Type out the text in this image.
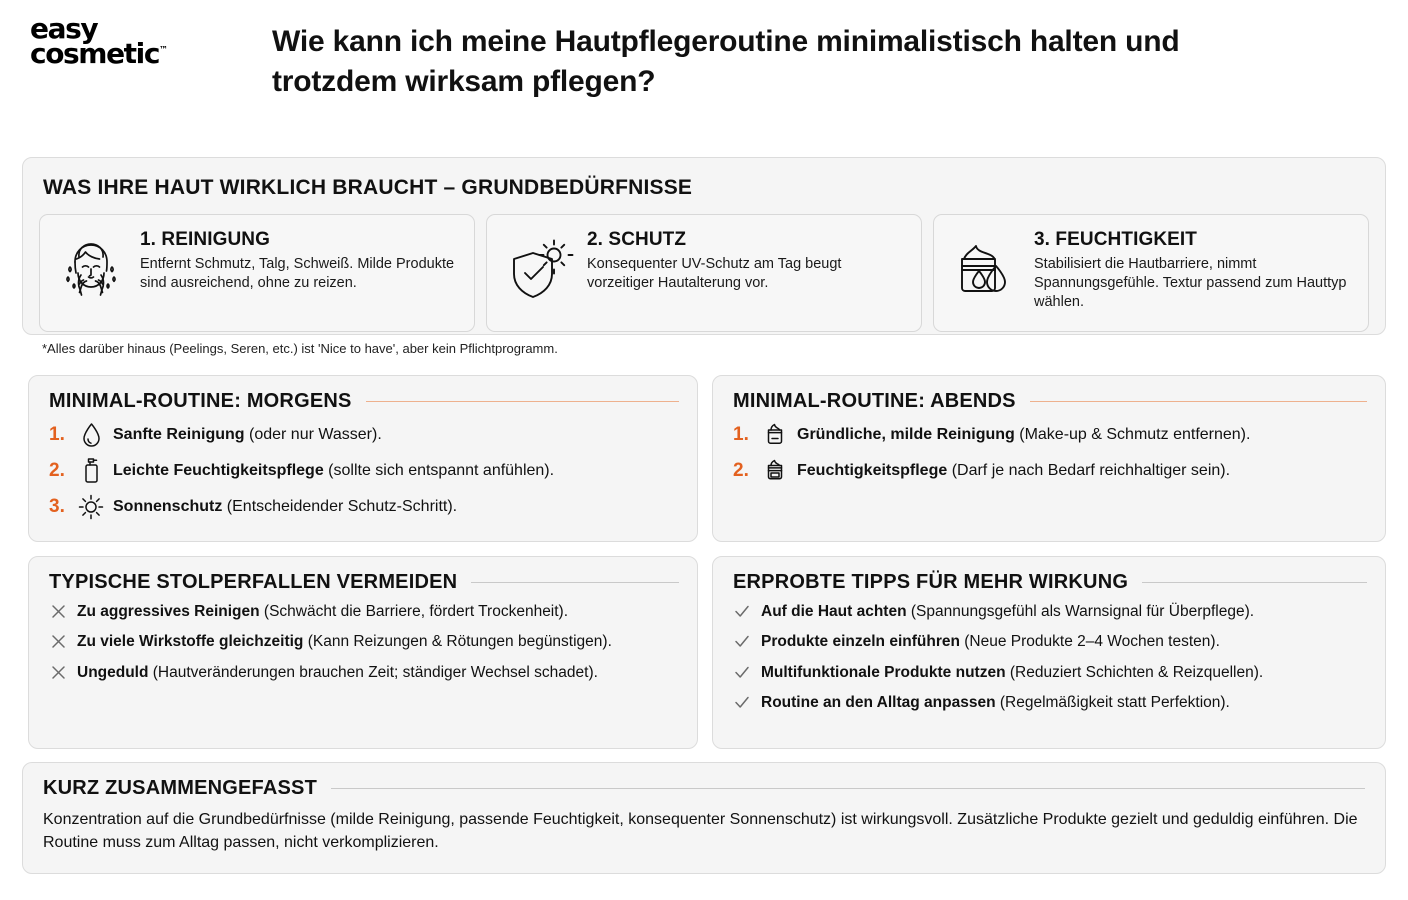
easy
cosmetic™	Wie kann ich meine Hautpflegeroutine minimalistisch halten und trotzdem wirksam pflegen?
WAS IHRE HAUT WIRKLICH BRAUCHT – GRUNDBEDÜRFNISSE
1. REINIGUNG
Entfernt Schmutz, Talg, Schweiß. Milde Produkte sind ausreichend, ohne zu reizen.
2. SCHUTZ
Konsequenter UV-Schutz am Tag beugt vorzeitiger Hautalterung vor.
3. FEUCHTIGKEIT
Stabilisiert die Hautbarriere, nimmt Spannungsgefühle. Textur passend zum Hauttyp wählen.
*Alles darüber hinaus (Peelings, Seren, etc.) ist 'Nice to have', aber kein Pflichtprogramm.
MINIMAL-ROUTINE: MORGENS
1.	Sanfte Reinigung (oder nur Wasser).
2.	Leichte Feuchtigkeitspflege (sollte sich entspannt anfühlen).
3.	Sonnenschutz (Entscheidender Schutz-Schritt).
MINIMAL-ROUTINE: ABENDS
1.	Gründliche, milde Reinigung (Make-up & Schmutz entfernen).
2.	Feuchtigkeitspflege (Darf je nach Bedarf reichhaltiger sein).
TYPISCHE STOLPERFALLEN VERMEIDEN
Zu aggressives Reinigen (Schwächt die Barriere, fördert Trockenheit).
Zu viele Wirkstoffe gleichzeitig (Kann Reizungen & Rötungen begünstigen).
Ungeduld (Hautveränderungen brauchen Zeit; ständiger Wechsel schadet).
ERPROBTE TIPPS FÜR MEHR WIRKUNG
Auf die Haut achten (Spannungsgefühl als Warnsignal für Überpflege).
Produkte einzeln einführen (Neue Produkte 2–4 Wochen testen).
Multifunktionale Produkte nutzen (Reduziert Schichten & Reizquellen).
Routine an den Alltag anpassen (Regelmäßigkeit statt Perfektion).
KURZ ZUSAMMENGEFASST
Konzentration auf die Grundbedürfnisse (milde Reinigung, passende Feuchtigkeit, konsequenter Sonnenschutz) ist wirkungsvoll. Zusätzliche Produkte gezielt und geduldig einführen. Die Routine muss zum Alltag passen, nicht verkomplizieren.
